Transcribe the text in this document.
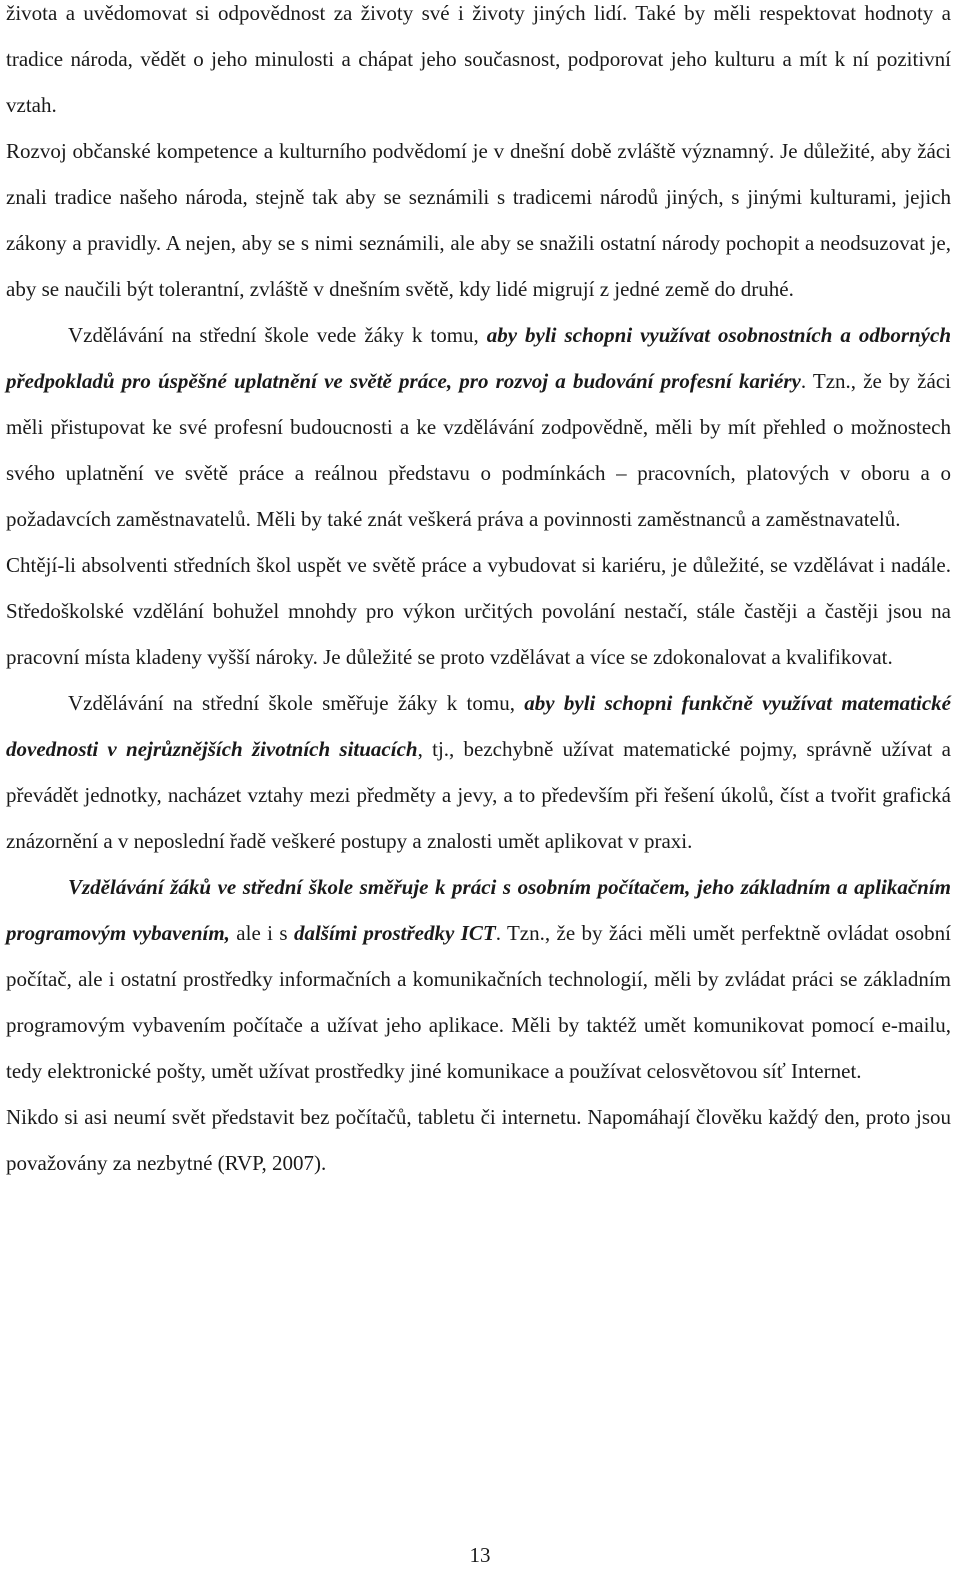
života a uvědomovat si odpovědnost za životy své i životy jiných lidí. Také by měli respektovat hodnoty a tradice národa, vědět o jeho minulosti a chápat jeho současnost, podporovat jeho kulturu a mít k ní pozitivní vztah.

Rozvoj občanské kompetence a kulturního podvědomí je v dnešní době zvláště významný. Je důležité, aby žáci znali tradice našeho národa, stejně tak aby se seznámili s tradicemi národů jiných, s jinými kulturami, jejich zákony a pravidly. A nejen, aby se s nimi seznámili, ale aby se snažili ostatní národy pochopit a neodsuzovat je, aby se naučili být tolerantní, zvláště v dnešním světě, kdy lidé migrují z jedné země do druhé.

Vzdělávání na střední škole vede žáky k tomu, aby byli schopni využívat osobnostních a odborných předpokladů pro úspěšné uplatnění ve světě práce, pro rozvoj a budování profesní kariéry. Tzn., že by žáci měli přistupovat ke své profesní budoucnosti a ke vzdělávání zodpovědně, měli by mít přehled o možnostech svého uplatnění ve světě práce a reálnou představu o podmínkách – pracovních, platových v oboru a o požadavcích zaměstnavatelů. Měli by také znát veškerá práva a povinnosti zaměstnanců a zaměstnavatelů.

Chtějí-li absolventi středních škol uspět ve světě práce a vybudovat si kariéru, je důležité, se vzdělávat i nadále. Středoškolské vzdělání bohužel mnohdy pro výkon určitých povolání nestačí, stále častěji a častěji jsou na pracovní místa kladeny vyšší nároky. Je důležité se proto vzdělávat a více se zdokonalovat a kvalifikovat.

Vzdělávání na střední škole směřuje žáky k tomu, aby byli schopni funkčně využívat matematické dovednosti v nejrůznějších životních situacích, tj., bezchybně užívat matematické pojmy, správně užívat a převádět jednotky, nacházet vztahy mezi předměty a jevy, a to především při řešení úkolů, číst a tvořit grafická znázornění a v neposlední řadě veškeré postupy a znalosti umět aplikovat v praxi.

Vzdělávání žáků ve střední škole směřuje k práci s osobním počítačem, jeho základním a aplikačním programovým vybavením, ale i s dalšími prostředky ICT. Tzn., že by žáci měli umět perfektně ovládat osobní počítač, ale i ostatní prostředky informačních a komunikačních technologií, měli by zvládat práci se základním programovým vybavením počítače a užívat jeho aplikace. Měli by taktéž umět komunikovat pomocí e-mailu, tedy elektronické pošty, umět užívat prostředky jiné komunikace a používat celosvětovou síť Internet.

Nikdo si asi neumí svět představit bez počítačů, tabletu či internetu. Napomáhají člověku každý den, proto jsou považovány za nezbytné (RVP, 2007).

13
